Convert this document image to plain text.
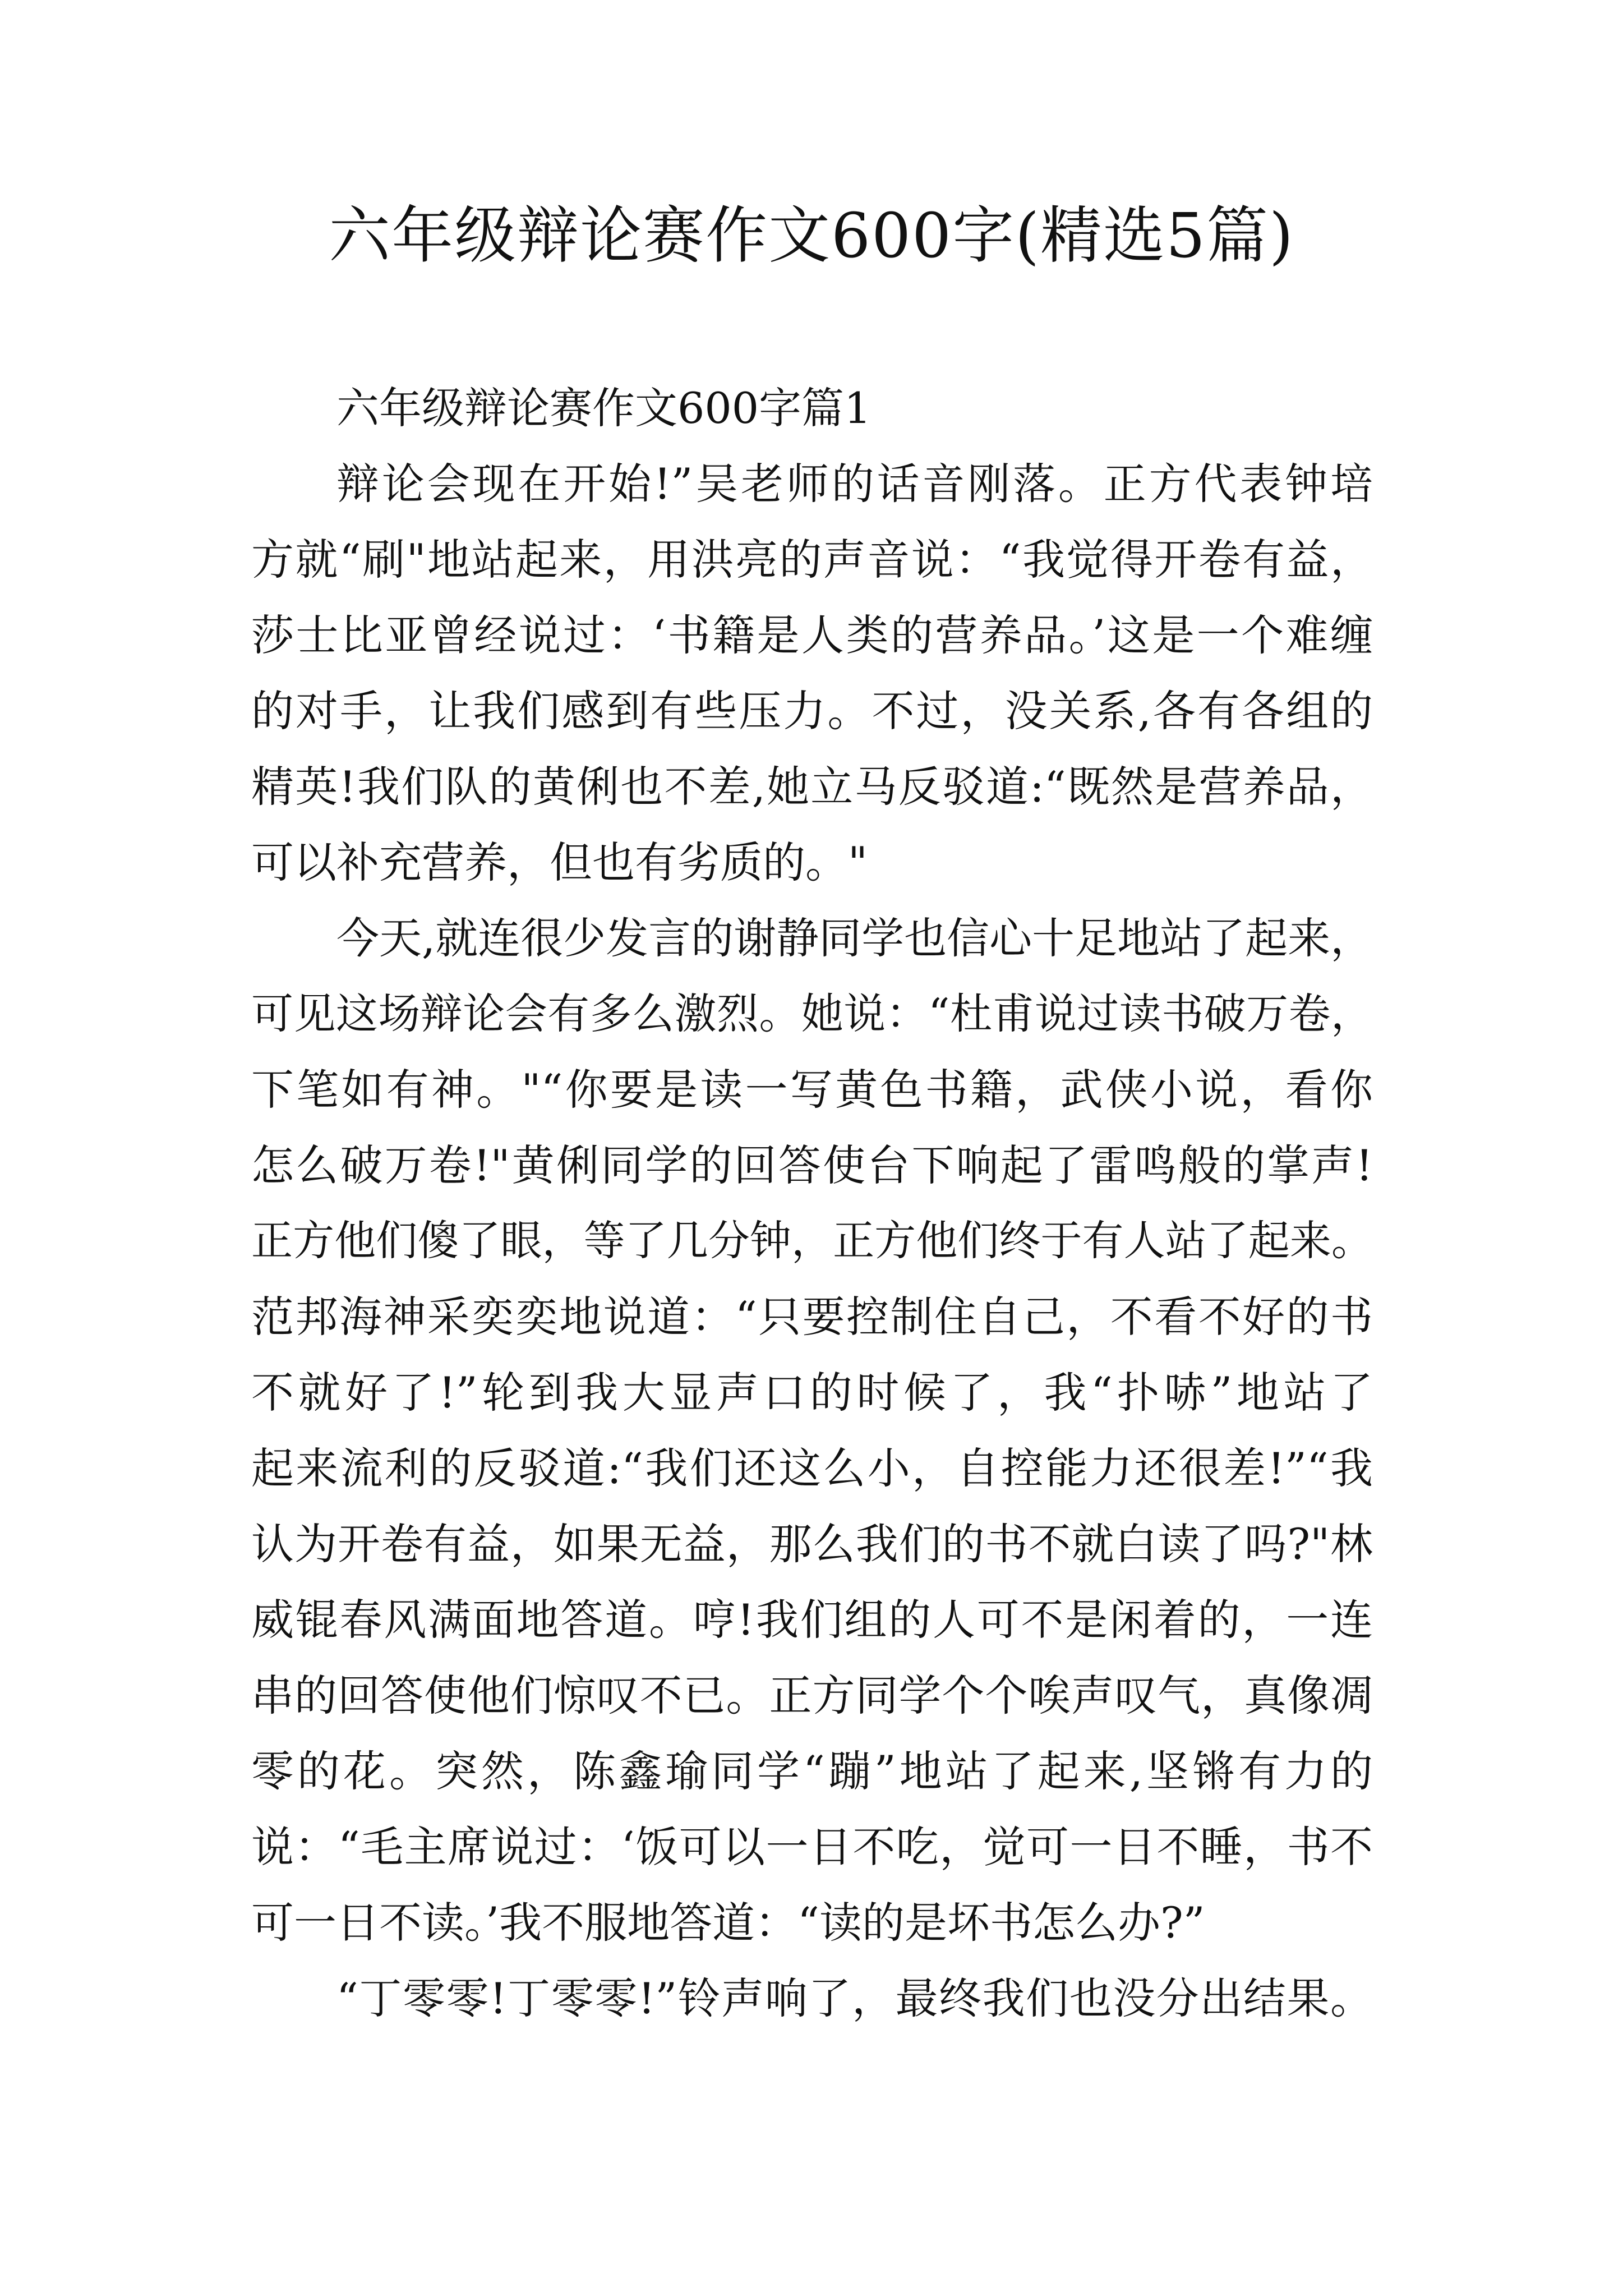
六年级辩论赛作文600字(精选5篇)
六年级辩论赛作文600字篇1
辩论会现在开始!”吴老师的话音刚落。正方代表钟培
方就“刷"地站起来，用洪亮的声音说：“我觉得开卷有益，
莎士比亚曾经说过：‘书籍是人类的营养品。’这是一个难缠
的对手，让我们感到有些压力。不过，没关系,各有各组的
精英!我们队的黄俐也不差,她立马反驳道:“既然是营养品，
可以补充营养，但也有劣质的。"
今天,就连很少发言的谢静同学也信心十足地站了起来，
可见这场辩论会有多么激烈。她说：“杜甫说过读书破万卷，
下笔如有神。"“你要是读一写黄色书籍，武侠小说，看你
怎么破万卷!"黄俐同学的回答使台下响起了雷鸣般的掌声!
正方他们傻了眼，等了几分钟，正方他们终于有人站了起来。
范邦海神采奕奕地说道：“只要控制住自己，不看不好的书
不就好了!”轮到我大显声口的时候了，我“扑哧”地站了
起来流利的反驳道:“我们还这么小，自控能力还很差!”“我
认为开卷有益，如果无益，那么我们的书不就白读了吗?"林
威锟春风满面地答道。哼!我们组的人可不是闲着的，一连
串的回答使他们惊叹不已。正方同学个个唉声叹气，真像凋
零的花。突然，陈鑫瑜同学“蹦”地站了起来,坚锵有力的
说：“毛主席说过：‘饭可以一日不吃，觉可一日不睡，书不
可一日不读。’我不服地答道：“读的是坏书怎么办?”
“丁零零!丁零零!”铃声响了，最终我们也没分出结果。
